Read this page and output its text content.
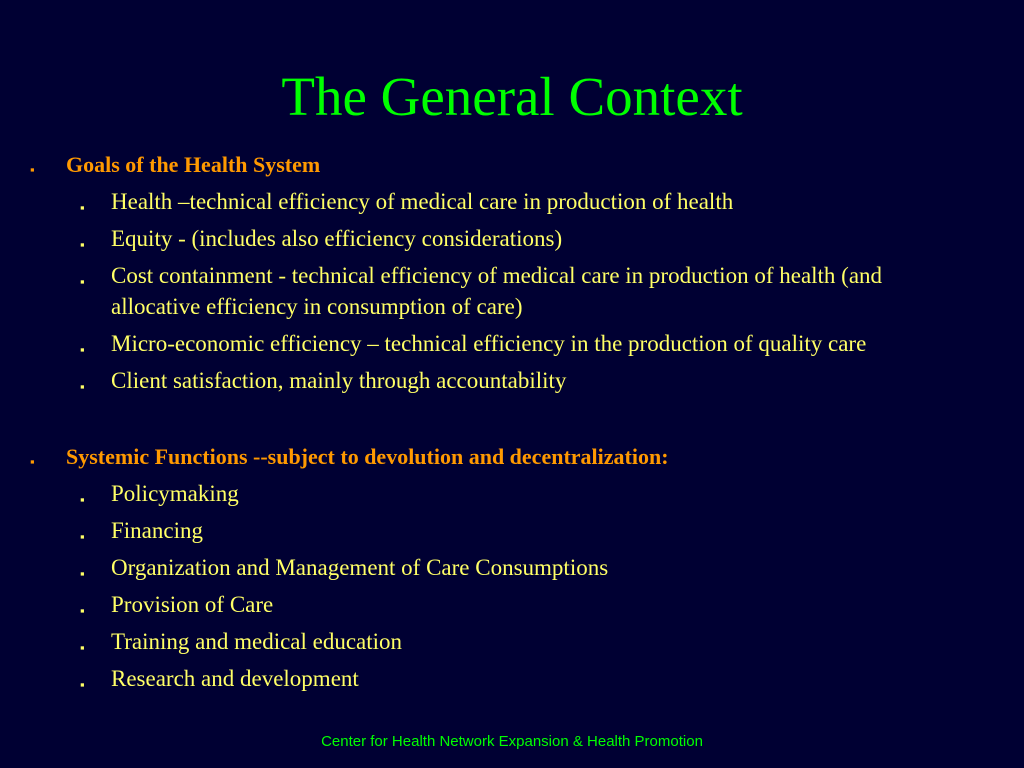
The General Context

▪ Goals of the Health System

▪ Health –technical efficiency of medical care in production of health

▪ Equity - (includes also efficiency considerations)

▪ Cost containment - technical efficiency of medical care in production of health (and allocative efficiency in consumption of care)

▪ Micro-economic efficiency – technical efficiency in the production of quality care

▪ Client satisfaction, mainly through accountability

▪ Systemic Functions --subject to devolution and decentralization:

▪ Policymaking

▪ Financing

▪ Organization and Management of Care Consumptions

▪ Provision of Care

▪ Training and medical education

▪ Research and development

Center for Health Network Expansion & Health Promotion
